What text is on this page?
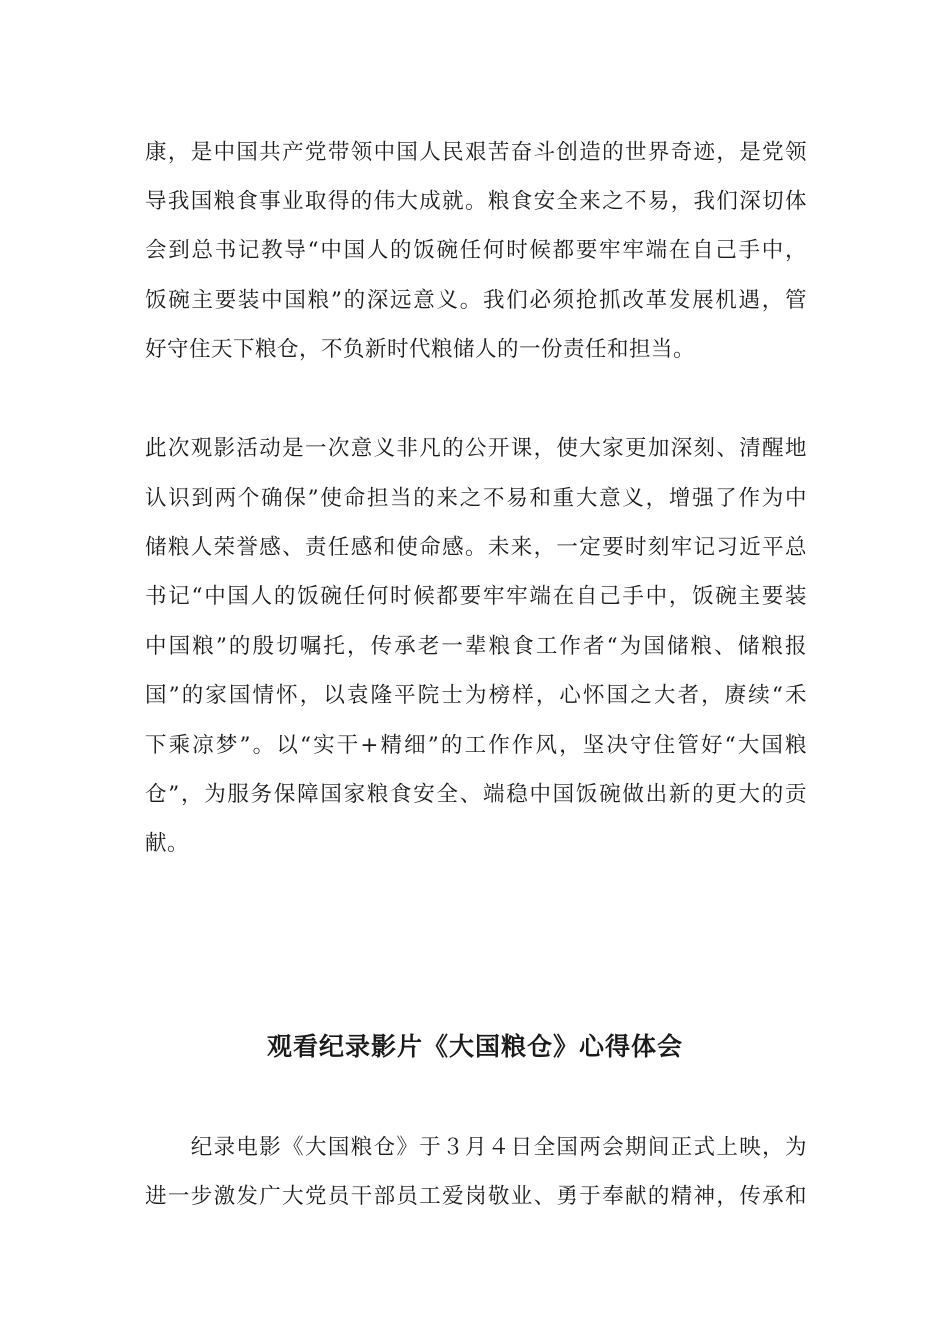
康，是中国共产党带领中国人民艰苦奋斗创造的世界奇迹，是党领
导我国粮食事业取得的伟大成就。粮食安全来之不易，我们深切体
会到总书记教导“中国人的饭碗任何时候都要牢牢端在自己手中，
饭碗主要装中国粮”的深远意义。我们必须抢抓改革发展机遇，管
好守住天下粮仓，不负新时代粮储人的一份责任和担当。
此次观影活动是一次意义非凡的公开课，使大家更加深刻、清醒地
认识到两个确保”使命担当的来之不易和重大意义，增强了作为中
储粮人荣誉感、责任感和使命感。未来，一定要时刻牢记习近平总
书记“中国人的饭碗任何时候都要牢牢端在自己手中，饭碗主要装
中国粮”的殷切嘱托，传承老一辈粮食工作者“为国储粮、储粮报
国”的家国情怀，以袁隆平院士为榜样，心怀国之大者，赓续“禾
下乘凉梦”。以“实干+精细”的工作作风，坚决守住管好“大国粮
仓”，为服务保障国家粮食安全、端稳中国饭碗做出新的更大的贡
献。
观看纪录影片《大国粮仓》心得体会
　　纪录电影《大国粮仓》于３月４日全国两会期间正式上映，为
进一步激发广大党员干部员工爱岗敬业、勇于奉献的精神，传承和
